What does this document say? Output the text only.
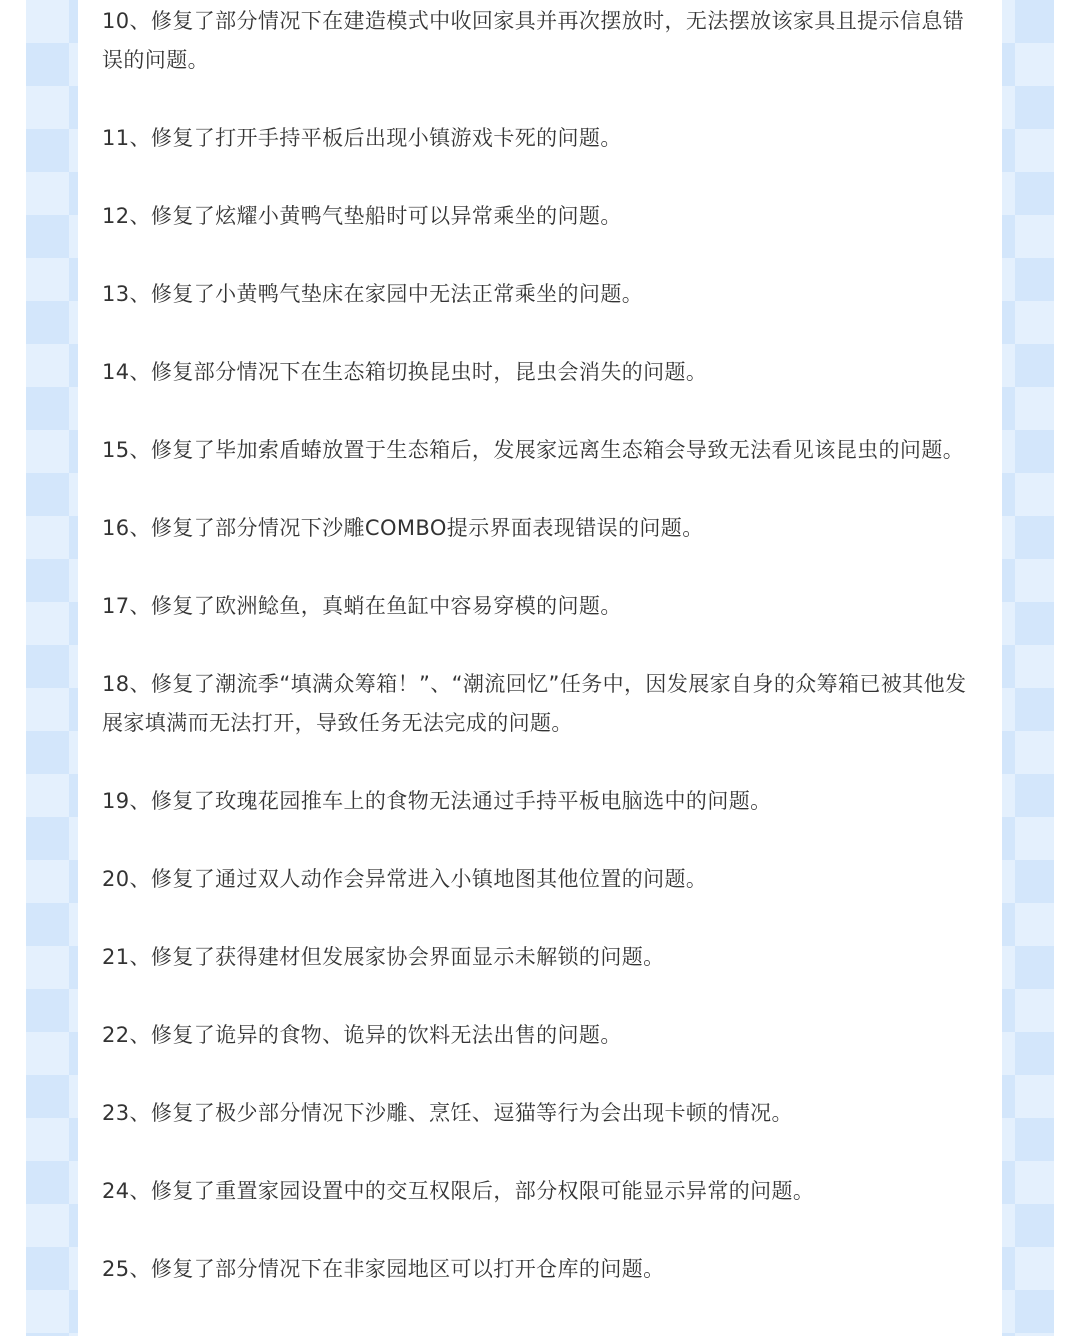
10、修复了部分情况下在建造模式中收回家具并再次摆放时，无法摆放该家具且提示信息错误的问题。
11、修复了打开手持平板后出现小镇游戏卡死的问题。
12、修复了炫耀小黄鸭气垫船时可以异常乘坐的问题。
13、修复了小黄鸭气垫床在家园中无法正常乘坐的问题。
14、修复部分情况下在生态箱切换昆虫时，昆虫会消失的问题。
15、修复了毕加索盾蝽放置于生态箱后，发展家远离生态箱会导致无法看见该昆虫的问题。
16、修复了部分情况下沙雕COMBO提示界面表现错误的问题。
17、修复了欧洲鲶鱼，真蛸在鱼缸中容易穿模的问题。
18、修复了潮流季“填满众筹箱！”、“潮流回忆”任务中，因发展家自身的众筹箱已被其他发展家填满而无法打开，导致任务无法完成的问题。
19、修复了玫瑰花园推车上的食物无法通过手持平板电脑选中的问题。
20、修复了通过双人动作会异常进入小镇地图其他位置的问题。
21、修复了获得建材但发展家协会界面显示未解锁的问题。
22、修复了诡异的食物、诡异的饮料无法出售的问题。
23、修复了极少部分情况下沙雕、烹饪、逗猫等行为会出现卡顿的情况。
24、修复了重置家园设置中的交互权限后，部分权限可能显示异常的问题。
25、修复了部分情况下在非家园地区可以打开仓库的问题。
